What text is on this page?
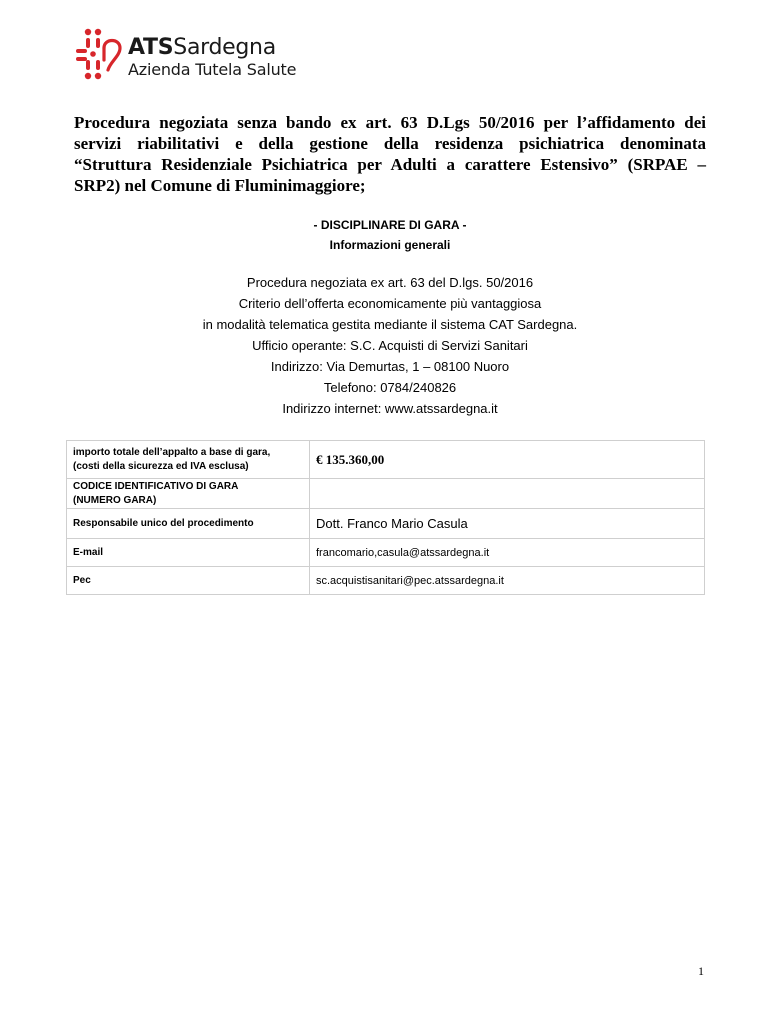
ATSSardegna
Azienda Tutela Salute

Procedura negoziata senza bando ex art. 63 D.Lgs 50/2016 per l’affidamento dei
servizi riabilitativi e della gestione della residenza psichiatrica denominata
“Struttura Residenziale Psichiatrica per Adulti a carattere Estensivo” (SRPAE –
SRP2) nel Comune di Fluminimaggiore;

- DISCIPLINARE DI GARA -
Informazioni generali
Procedura negoziata ex art. 63 del D.lgs. 50/2016
Criterio dell’offerta economicamente più vantaggiosa
in modalità telematica gestita mediante il sistema CAT Sardegna.
Ufficio operante: S.C. Acquisti di Servizi Sanitari
Indirizzo: Via Demurtas, 1 – 08100 Nuoro
Telefono: 0784/240826
Indirizzo internet: www.atssardegna.it
importo totale dell’appalto a base di gara,
(costi della sicurezza ed IVA esclusa)	€ 135.360,00

CODICE IDENTIFICATIVO DI GARA
(NUMERO GARA)	

Responsabile unico del procedimento	Dott. Franco Mario Casula
E-mail	francomario,casula@atssardegna.it
Pec	sc.acquistisanitari@pec.atssardegna.it
1
